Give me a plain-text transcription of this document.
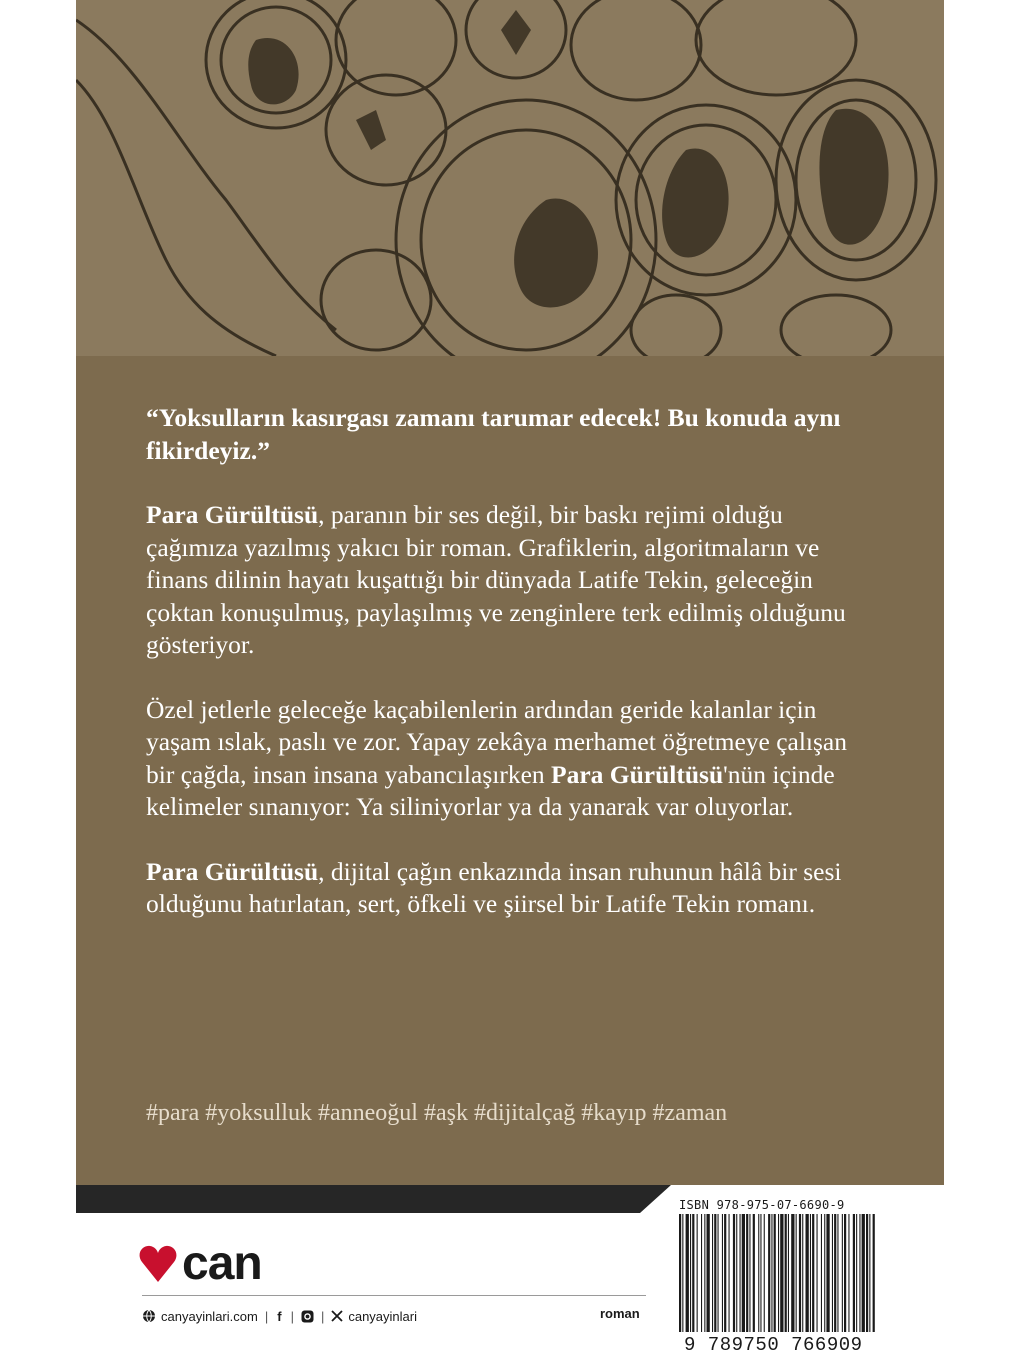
“Yoksulların kasırgası zamanı tarumar edecek! Bu konuda aynı fikirdeyiz.”

Para Gürültüsü, paranın bir ses değil, bir baskı rejimi olduğu çağımıza yazılmış yakıcı bir roman. Grafiklerin, algoritmaların ve finans dilinin hayatı kuşattığı bir dünyada Latife Tekin, geleceğin çoktan konuşulmuş, paylaşılmış ve zenginlere terk edilmiş olduğunu gösteriyor.

Özel jetlerle geleceğe kaçabilenlerin ardından geride kalanlar için yaşam ıslak, paslı ve zor. Yapay zekâya merhamet öğretmeye çalışan bir çağda, insan insana yabancılaşırken Para Gürültüsü'nün içinde kelimeler sınanıyor: Ya siliniyorlar ya da yanarak var oluyorlar.

Para Gürültüsü, dijital çağın enkazında insan ruhunun hâlâ bir sesi olduğunu hatırlatan, sert, öfkeli ve şiirsel bir Latife Tekin romanı.

#para #yoksulluk #anneoğul #aşk #dijitalçağ #kayıp #zaman
can
canyayinlari.com | f | | canyayinlari	roman
ISBN 978-975-07-6690-9
9 789750 766909
